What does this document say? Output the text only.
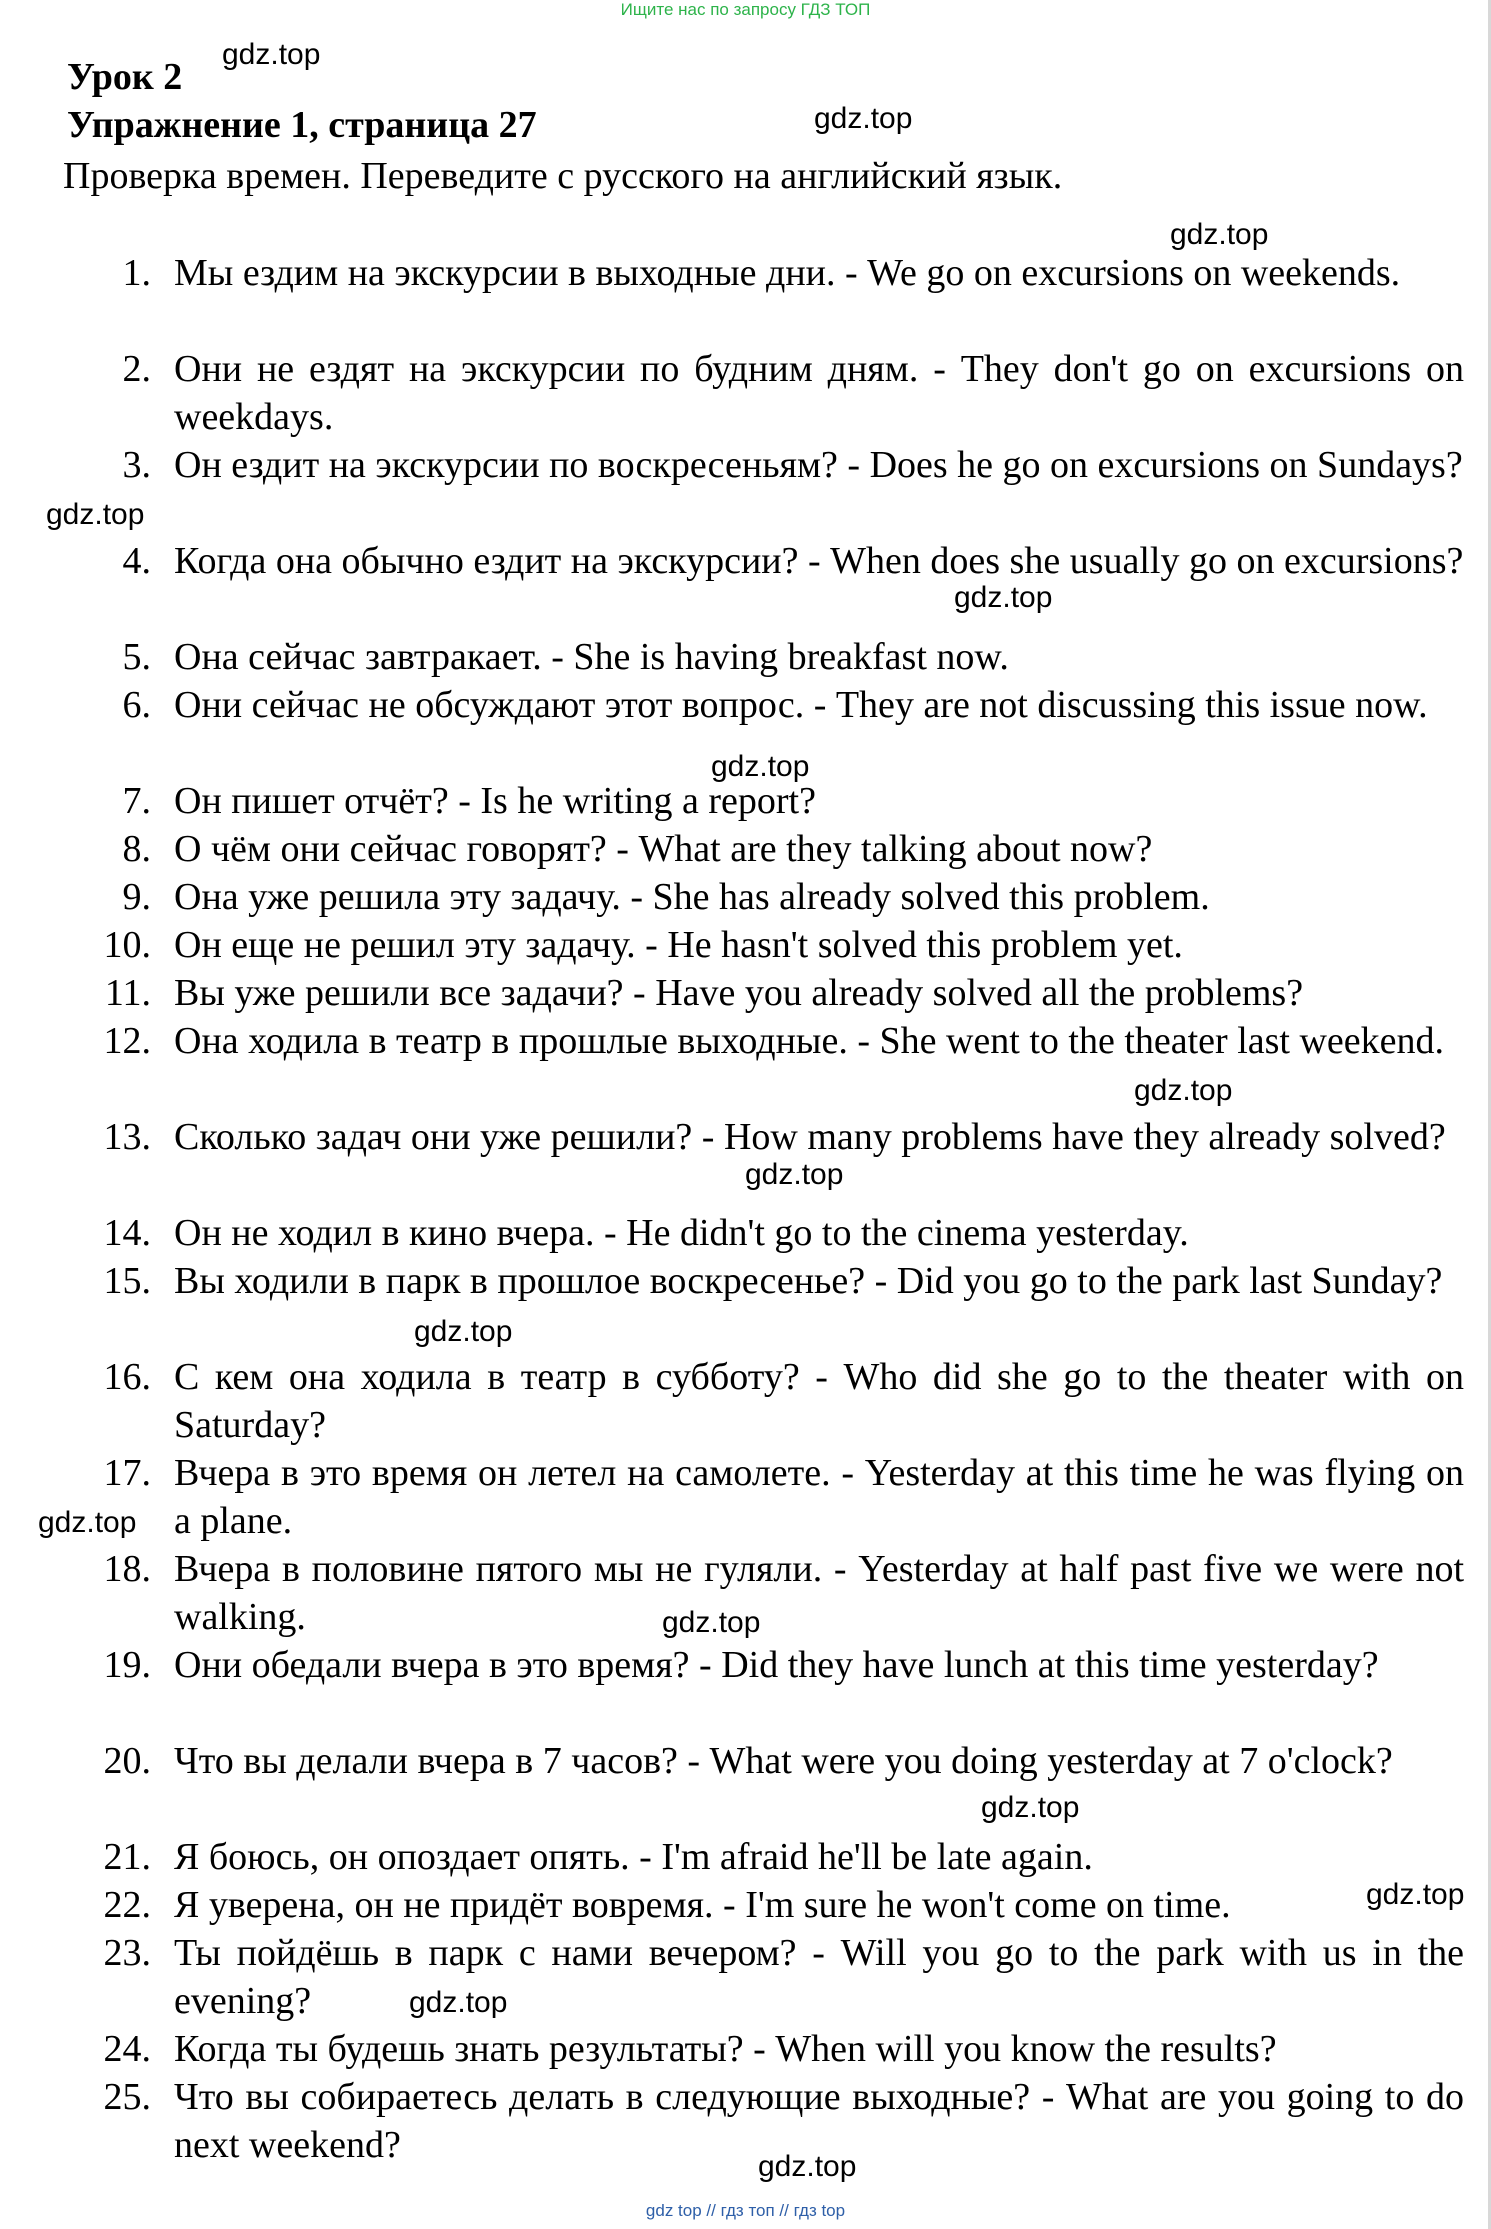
Ищите нас по запросу ГДЗ ТОП
Урок 2
Упражнение 1, страница 27
Проверка времен. Переведите с русского на английский язык.
1. Мы ездим на экскурсии в выходные дни. - We go on excursions on weekends.
2. Они не ездят на экскурсии по будним дням. - They don't go on excursions on weekdays.
3. Он ездит на экскурсии по воскресеньям? - Does he go on excursions on Sundays?
4. Когда она обычно ездит на экскурсии? - When does she usually go on excursions?
5. Она сейчас завтракает. - She is having breakfast now.
6. Они сейчас не обсуждают этот вопрос. - They are not discussing this issue now.
7. Он пишет отчёт? - Is he writing a report?
8. О чём они сейчас говорят? - What are they talking about now?
9. Она уже решила эту задачу. - She has already solved this problem.
10. Он еще не решил эту задачу. - He hasn't solved this problem yet.
11. Вы уже решили все задачи? - Have you already solved all the problems?
12. Она ходила в театр в прошлые выходные. - She went to the theater last weekend.
13. Сколько задач они уже решили? - How many problems have they already solved?
14. Он не ходил в кино вчера. - He didn't go to the cinema yesterday.
15. Вы ходили в парк в прошлое воскресенье? - Did you go to the park last Sunday?
16. С кем она ходила в театр в субботу? - Who did she go to the theater with on Saturday?
17. Вчера в это время он летел на самолете. - Yesterday at this time he was flying on a plane.
18. Вчера в половине пятого мы не гуляли. - Yesterday at half past five we were not walking.
19. Они обедали вчера в это время? - Did they have lunch at this time yesterday?
20. Что вы делали вчера в 7 часов? - What were you doing yesterday at 7 o'clock?
21. Я боюсь, он опоздает опять. - I'm afraid he'll be late again.
22. Я уверена, он не придёт вовремя. - I'm sure he won't come on time.
23. Ты пойдёшь в парк с нами вечером? - Will you go to the park with us in the evening?
24. Когда ты будешь знать результаты? - When will you know the results?
25. Что вы собираетесь делать в следующие выходные? - What are you going to do next weekend?
gdz.top
gdz.top
gdz.top
gdz.top
gdz.top
gdz.top
gdz.top
gdz.top
gdz.top
gdz.top
gdz.top
gdz.top
gdz.top
gdz.top
gdz.top
gdz top // гдз топ // гдз top
